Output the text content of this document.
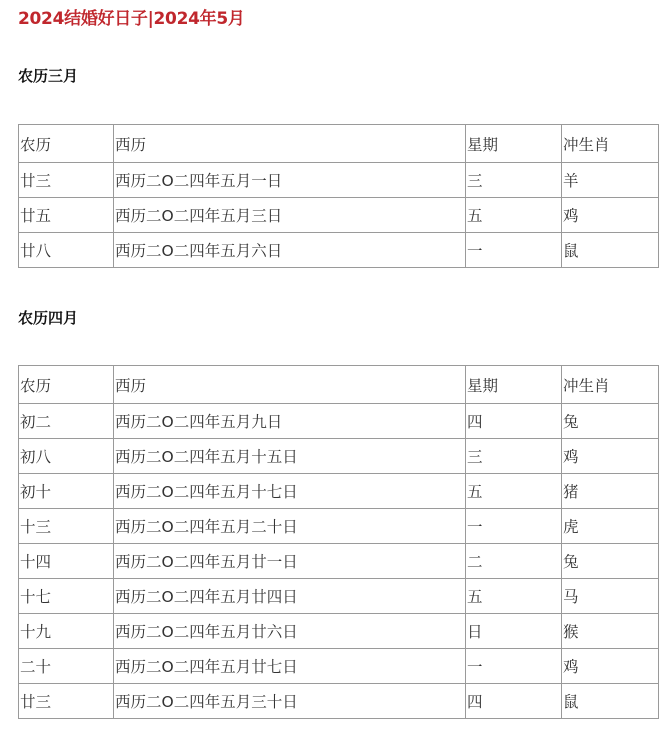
2024结婚好日子|2024年5月
农历三月
农历	西历	星期	冲生肖
廿三	西历二O二四年五月一日	三	羊
廿五	西历二O二四年五月三日	五	鸡
廿八	西历二O二四年五月六日	一	鼠
农历四月
农历	西历	星期	冲生肖
初二	西历二O二四年五月九日	四	兔
初八	西历二O二四年五月十五日	三	鸡
初十	西历二O二四年五月十七日	五	猪
十三	西历二O二四年五月二十日	一	虎
十四	西历二O二四年五月廿一日	二	兔
十七	西历二O二四年五月廿四日	五	马
十九	西历二O二四年五月廿六日	日	猴
二十	西历二O二四年五月廿七日	一	鸡
廿三	西历二O二四年五月三十日	四	鼠
